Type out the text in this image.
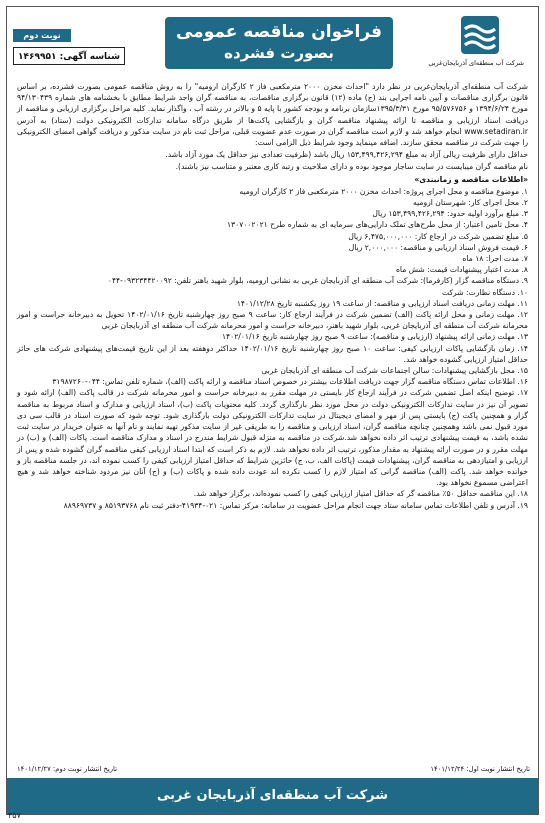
شرکت آب منطقه‌ای آذربایجان‌غربی
فراخوان مناقصه عمومی
بصورت فشرده
نوبت دوم
شناسه آگهی: ۱۴۶۹۹۵۱

شرکت آب منطقه‌ای آذربایجان‌غربی در نظر دارد "احداث مخزن ۲۰۰۰ مترمکعبی فاز ۲ کارگران ارومیه" را به روش مناقصه عمومی بصورت فشرده، بر اساس قانون برگزاری مناقصات و آیین نامه اجرایی بند (ج) ماده (۱۲) قانون برگزاری مناقصات، به مناقصه گران واجد شرایط مطابق با بخشنامه های شماره ۹۴/۱۳۰۴۳۹ مورخ ۱۳۹۴/۶/۲۴ و ۹۵/۵۷۶۷۵۶ مورخ ۱۳۹۵/۳/۳۱سازمان برنامه و بودجه کشور با پایه ۵ و بالاتر در رشته آب ، واگذار نماید. کلیه مراحل برگزاری ارزیابی و مناقصه از دریافت اسناد ارزیابی و مناقصه تا ارائه پیشنهاد مناقصه گران و بازگشایی پاکت‌ها از طریق درگاه سامانه تدارکات الکترونیکی دولت (ستاد) به آدرس www.setadiran.ir انجام خواهد شد و لازم است مناقصه گران در صورت عدم عضویت قبلی، مراحل ثبت نام در سایت مذکور و دریافت گواهی امضای الکترونیکی را جهت شرکت در مناقصه محقق سازند. اضافه مینماید وجود شرایط ذیل الزامی است:

حداقل دارای ظرفیت ریالی آزاد به مبلغ ۱۵۳,۴۹۹,۴۲۶,۲۹۴ ریال باشد (ظرفیت تعدادی نیز حداقل یک مورد آزاد باشد.

نام مناقصه گران میبایست در سایت ساجار موجود بوده و دارای صلاحیت و رتبه کاری معتبر و متناسب نیز باشند).

«اطلاعات مناقصه و زمانبندی»

۱. موضوع مناقصه و محل اجرای پروژه: احداث مخزن ۲۰۰۰ مترمکعبی فاز ۲ کارگران ارومیه

۲. محل اجرای کار: شهرستان ارومیه

۳. مبلغ برآورد اولیه حدود: ۱۵۳,۴۹۹,۴۲۶,۲۹۴ ریال

۴. محل تامین اعتبار: از محل طرح‌های تملک دارایی‌های سرمایه ای به شماره طرح ۱۳۰۷۰۰۲۰۲۱

۵. مبلغ تضمین شرکت در ارجاع کار: ۶,۴۷۵,۰۰۰,۰۰۰ ریال

۶. قیمت فروش اسناد ارزیابی و مناقصه: ۲,۰۰۰,۰۰۰ ریال

۷. مدت اجرا: ۱۸ ماه

۸. مدت اعتبار پیشنهادات قیمت: شش ماه

۹. دستگاه مناقصه گزار (کارفرما): شرکت آب منطقه ای آذربایجان غربی به نشانی ارومیه، بلوار شهید باهنر تلفن: ۰۹۳۲۳۴۴۲۰۰۹۲-۰۴۴

۱۰. دستگاه نظارت: شرکت

۱۱. مهلت زمانی دریافت اسناد ارزیابی و مناقصه: از ساعت ۱۹ روز یکشنبه تاریخ ۱۴۰۱/۱۲/۲۸

۱۲. مهلت زمانی و محل ارائه پاکت (الف) تضمین شرکت در فرآیند ارجاع کار: ساعت ۹ صبح روز چهارشنبه تاریخ ۱۴۰۲/۰۱/۱۶ تحویل به دبیرخانه حراست و امور محرمانه شرکت آب منطقه ای آذربایجان غربی، بلوار شهید باهنر، دبیرخانه حراست و امور محرمانه شرکت آب منطقه ای آذربایجان غربی

۱۳. مهلت زمانی ارائه پیشنهاد (ارزیابی و مناقصه): ساعت ۹ صبح روز چهارشنبه تاریخ ۱۴۰۲/۰۱/۱۶

۱۴. زمان بازگشایی پاکات ارزیابی کیفی: ساعت ۱۰ صبح روز چهارشنبه تاریخ ۱۴۰۲/۰۱/۱۶ حداکثر دوهفته بعد از این تاریخ قیمت‌های پیشنهادی شرکت های حائز حداقل امتیاز ارزیابی گشوده خواهد شد.

۱۵. محل بازگشایی پیشنهادات: سالن اجتماعات شرکت آب منطقه ای آذربایجان غربی

۱۶. اطلاعات تماس دستگاه مناقصه گزار جهت دریافت اطلاعات بیشتر در خصوص اسناد مناقصه و ارائه پاکت (الف)، شماره تلفن تماس: ۰۴۴-۳۱۹۸۷۲۶۰

۱۷. توضیح اینکه اصل تضمین شرکت در فرآیند ارجاع کار بایستی در مهلت مقرر به دبیرخانه حراست و امور محرمانه شرکت در قالب پاکت (الف) ارائه شود و تصویر آن نیز در سایت تدارکات الکترونیکی دولت در محل مورد نظر بارگذاری گردد. کلیه محتویات پاکت (ب)، اسناد ارزیابی و مدارک و اسناد مربوط به مناقصه گزار و همچنین پاکت (ج) بایستی پس از مهر و امضای دیجیتال در سایت تدارکات الکترونیکی دولت بارگذاری شود. توجه شود که صورت اسناد در قالب سی دی مورد قبول نمی باشد وهمچنین چنانچه مناقصه گران، اسناد ارزیابی و مناقصه را به طریقی غیر از سایت مذکور تهیه نمایند و نام آنها به عنوان خریدار در سایت ثبت نشده باشد، به قیمت پیشنهادی ترتیب اثر داده نخواهد شد.شرکت در مناقصه به منزله قبول شرایط مندرج در اسناد و مدارک مناقصه است. پاکات (الف) و (ب) در مهلت مقرر و در صورت ارائه پیشنهاد به مقدار مذکور، ترتیب اثر داده نخواهد شد. لازم به ذکر است که ابتدا اسناد ارزیابی کیفی مناقصه گران گشوده شده و پس از ارزیابی و امتیازدهی به مناقصه گران، پیشنهادات قیمت (پاکات الف، ب، ج) حائزین شرایط که حداقل امتیاز ارزیابی کیفی را کسب نموده اند، در جلسه مناقصه باز و خوانده خواهد شد. پاکت (الف) مناقصه گرانی که امتیاز لازم را کسب نکرده اند عودت داده شده و پاکات (ب) و (ج) آنان نیز مردود شناخته خواهد شد و هیچ اعتراضی مسموع نخواهد بود.

۱۸. این مناقصه حداقل ۵۰٪ مناقصه گر که حداقل امتیاز ارزیابی کیفی را کسب نموده‌اند، برگزار خواهد شد.

۱۹. آدرس و تلفن اطلاعات تماس سامانه ستاد جهت انجام مراحل عضویت در سامانه: مرکز تماس: ۰۲۱-۴۱۹۳۴-دفتر ثبت نام ۸۵۱۹۳۷۶۸ و ۸۸۹۶۹۷۳۷

تاریخ انتشار نوبت اول: ۱۴۰۱/۱۲/۲۴
تاریخ انتشار نوبت دوم: ۱۴۰۱/۱۲/۲۷
شرکت آب منطقه‌ای آذربایجان غربی
۴۵۷
